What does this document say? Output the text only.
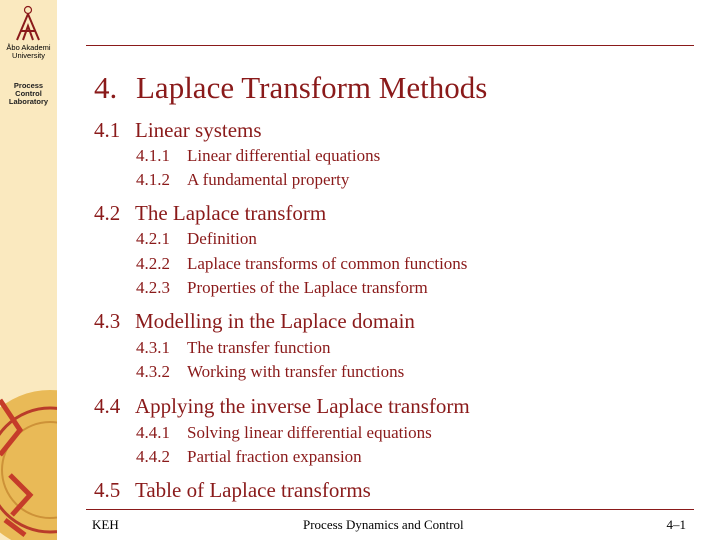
Åbo Akademi
University
Process
Control
Laboratory 4. Laplace Transform Methods
4.1 Linear systems
4.1.1 Linear differential equations
4.1.2 A fundamental property
4.2 The Laplace transform
4.2.1 Definition
4.2.2 Laplace transforms of common functions
4.2.3 Properties of the Laplace transform
4.3 Modelling in the Laplace domain
4.3.1 The transfer function
4.3.2 Working with transfer functions
4.4 Applying the inverse Laplace transform
4.4.1 Solving linear differential equations
4.4.2 Partial fraction expansion
4.5 Table of Laplace transforms
KEH	Process Dynamics and Control	4–1
